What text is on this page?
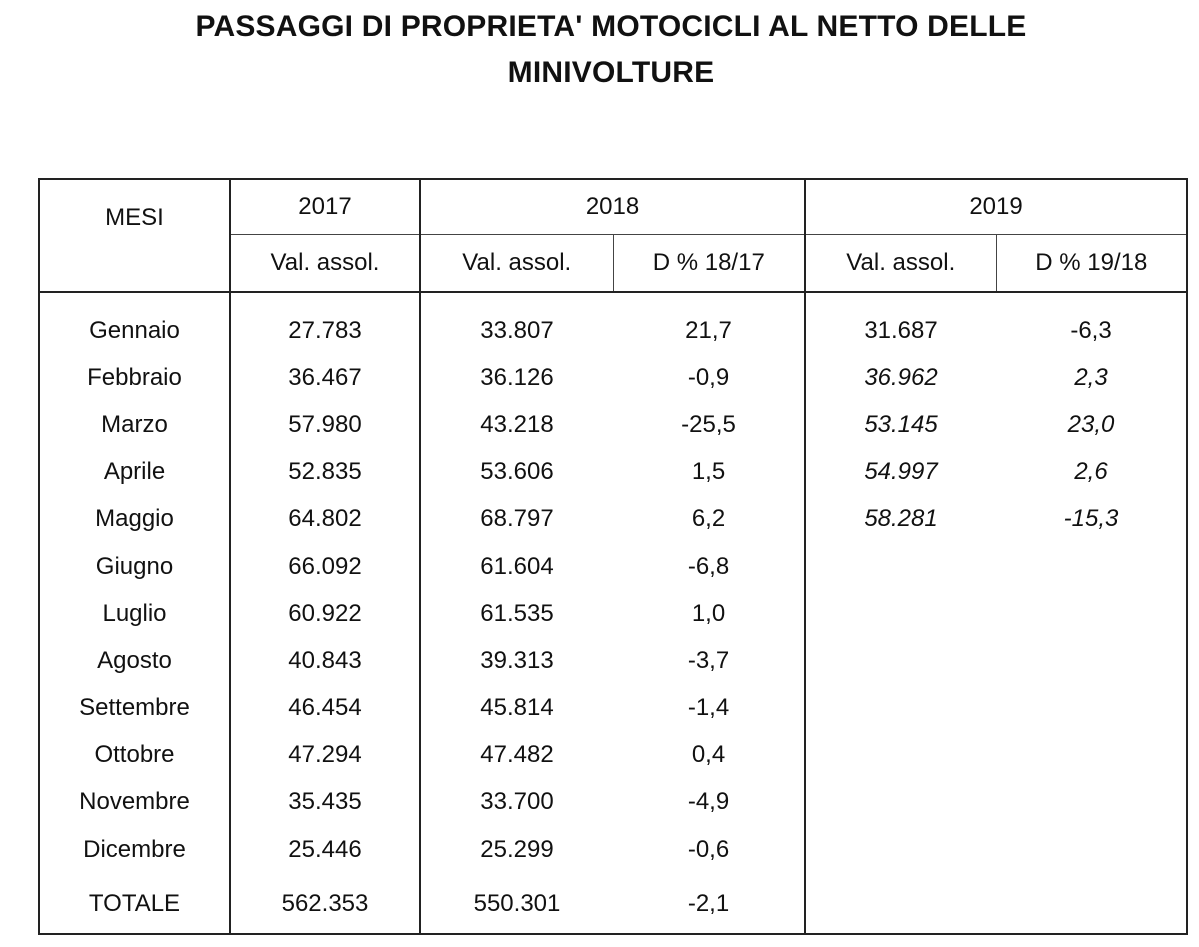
PASSAGGI DI PROPRIETA' MOTOCICLI AL NETTO DELLE
MINIVOLTURE
MESI	2017	2018		2019	
	Val. assol.	Val. assol.	D % 18/17	Val. assol.	D % 19/18

Gennaio	27.783	33.807	21,7	31.687	-6,3
Febbraio	36.467	36.126	-0,9	36.962	2,3
Marzo	57.980	43.218	-25,5	53.145	23,0
Aprile	52.835	53.606	1,5	54.997	2,6
Maggio	64.802	68.797	6,2	58.281	-15,3
Giugno	66.092	61.604	-6,8		
Luglio	60.922	61.535	1,0		
Agosto	40.843	39.313	-3,7		
Settembre	46.454	45.814	-1,4		
Ottobre	47.294	47.482	0,4		
Novembre	35.435	33.700	-4,9		
Dicembre	25.446	25.299	-0,6		
TOTALE	562.353	550.301	-2,1		
